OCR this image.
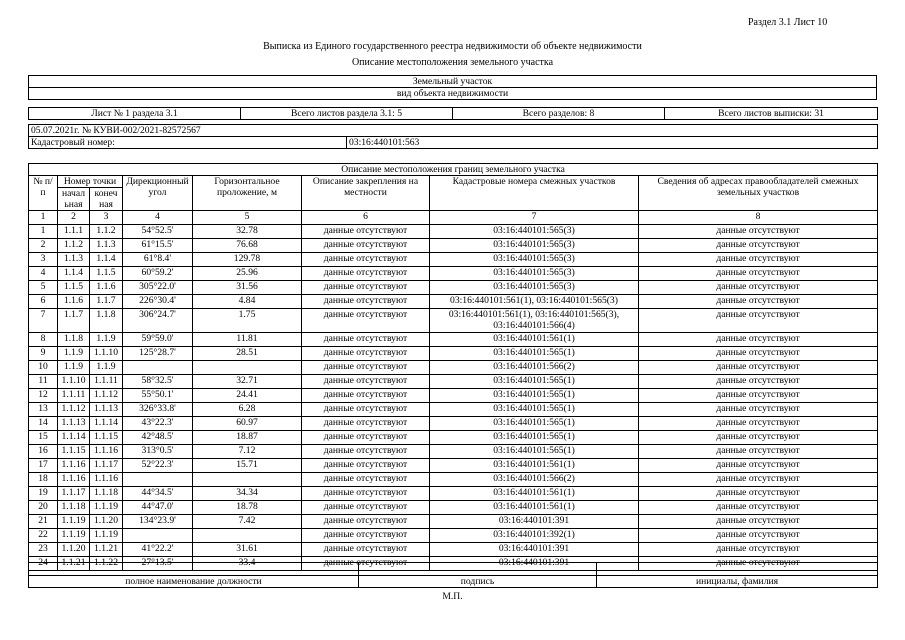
Раздел 3.1 Лист 10
Выписка из Единого государственного реестра недвижимости об объекте недвижимости
Описание местоположения земельного участка
Земельный участок
вид объекта недвижимости
Лист № 1 раздела 3.1	Всего листов раздела 3.1: 5	Всего разделов: 8	Всего листов выписки: 31
05.07.2021г. № КУВИ-002/2021-82572567
Кадастровый номер:	03:16:440101:563
Описание местоположения границ земельного участка							
№ п/п	Номер точки		Дирекционный угол	Горизонтальное проложение, м	Описание закрепления на местности	Кадастровые номера смежных участков	Сведения об адресах правообладателей смежных земельных участков
	начальная	конечная					
1	2	3	4	5	6	7	8
1	1.1.1	1.1.2	54°52.5'	32.78	данные отсутствуют	03:16:440101:565(3)	данные отсутствуют
2	1.1.2	1.1.3	61°15.5'	76.68	данные отсутствуют	03:16:440101:565(3)	данные отсутствуют
3	1.1.3	1.1.4	61°8.4'	129.78	данные отсутствуют	03:16:440101:565(3)	данные отсутствуют
4	1.1.4	1.1.5	60°59.2'	25.96	данные отсутствуют	03:16:440101:565(3)	данные отсутствуют
5	1.1.5	1.1.6	305°22.0'	31.56	данные отсутствуют	03:16:440101:565(3)	данные отсутствуют
6	1.1.6	1.1.7	226°30.4'	4.84	данные отсутствуют	03:16:440101:561(1), 03:16:440101:565(3)	данные отсутствуют
7	1.1.7	1.1.8	306°24.7'	1.75	данные отсутствуют	03:16:440101:561(1), 03:16:440101:565(3),
03:16:440101:566(4)	данные отсутствуют
8	1.1.8	1.1.9	59°59.0'	11.81	данные отсутствуют	03:16:440101:561(1)	данные отсутствуют
9	1.1.9	1.1.10	125°28.7'	28.51	данные отсутствуют	03:16:440101:565(1)	данные отсутствуют
10	1.1.9	1.1.9			данные отсутствуют	03:16:440101:566(2)	данные отсутствуют
11	1.1.10	1.1.11	58°32.5'	32.71	данные отсутствуют	03:16:440101:565(1)	данные отсутствуют
12	1.1.11	1.1.12	55°50.1'	24.41	данные отсутствуют	03:16:440101:565(1)	данные отсутствуют
13	1.1.12	1.1.13	326°33.8'	6.28	данные отсутствуют	03:16:440101:565(1)	данные отсутствуют
14	1.1.13	1.1.14	43°22.3'	60.97	данные отсутствуют	03:16:440101:565(1)	данные отсутствуют
15	1.1.14	1.1.15	42°48.5'	18.87	данные отсутствуют	03:16:440101:565(1)	данные отсутствуют
16	1.1.15	1.1.16	313°0.5'	7.12	данные отсутствуют	03:16:440101:565(1)	данные отсутствуют
17	1.1.16	1.1.17	52°22.3'	15.71	данные отсутствуют	03:16:440101:561(1)	данные отсутствуют
18	1.1.16	1.1.16			данные отсутствуют	03:16:440101:566(2)	данные отсутствуют
19	1.1.17	1.1.18	44°34.5'	34.34	данные отсутствуют	03:16:440101:561(1)	данные отсутствуют
20	1.1.18	1.1.19	44°47.0'	18.78	данные отсутствуют	03:16:440101:561(1)	данные отсутствуют
21	1.1.19	1.1.20	134°23.9'	7.42	данные отсутствуют	03:16:440101:391	данные отсутствуют
22	1.1.19	1.1.19			данные отсутствуют	03:16:440101:392(1)	данные отсутствуют
23	1.1.20	1.1.21	41°22.2'	31.61	данные отсутствуют	03:16:440101:391	данные отсутствуют
24	1.1.21	1.1.22	27°13.5'	33.4	данные отсутствуют	03:16:440101:391	данные отсутствуют

полное наименование должности	подпись	инициалы, фамилия
М.П.
